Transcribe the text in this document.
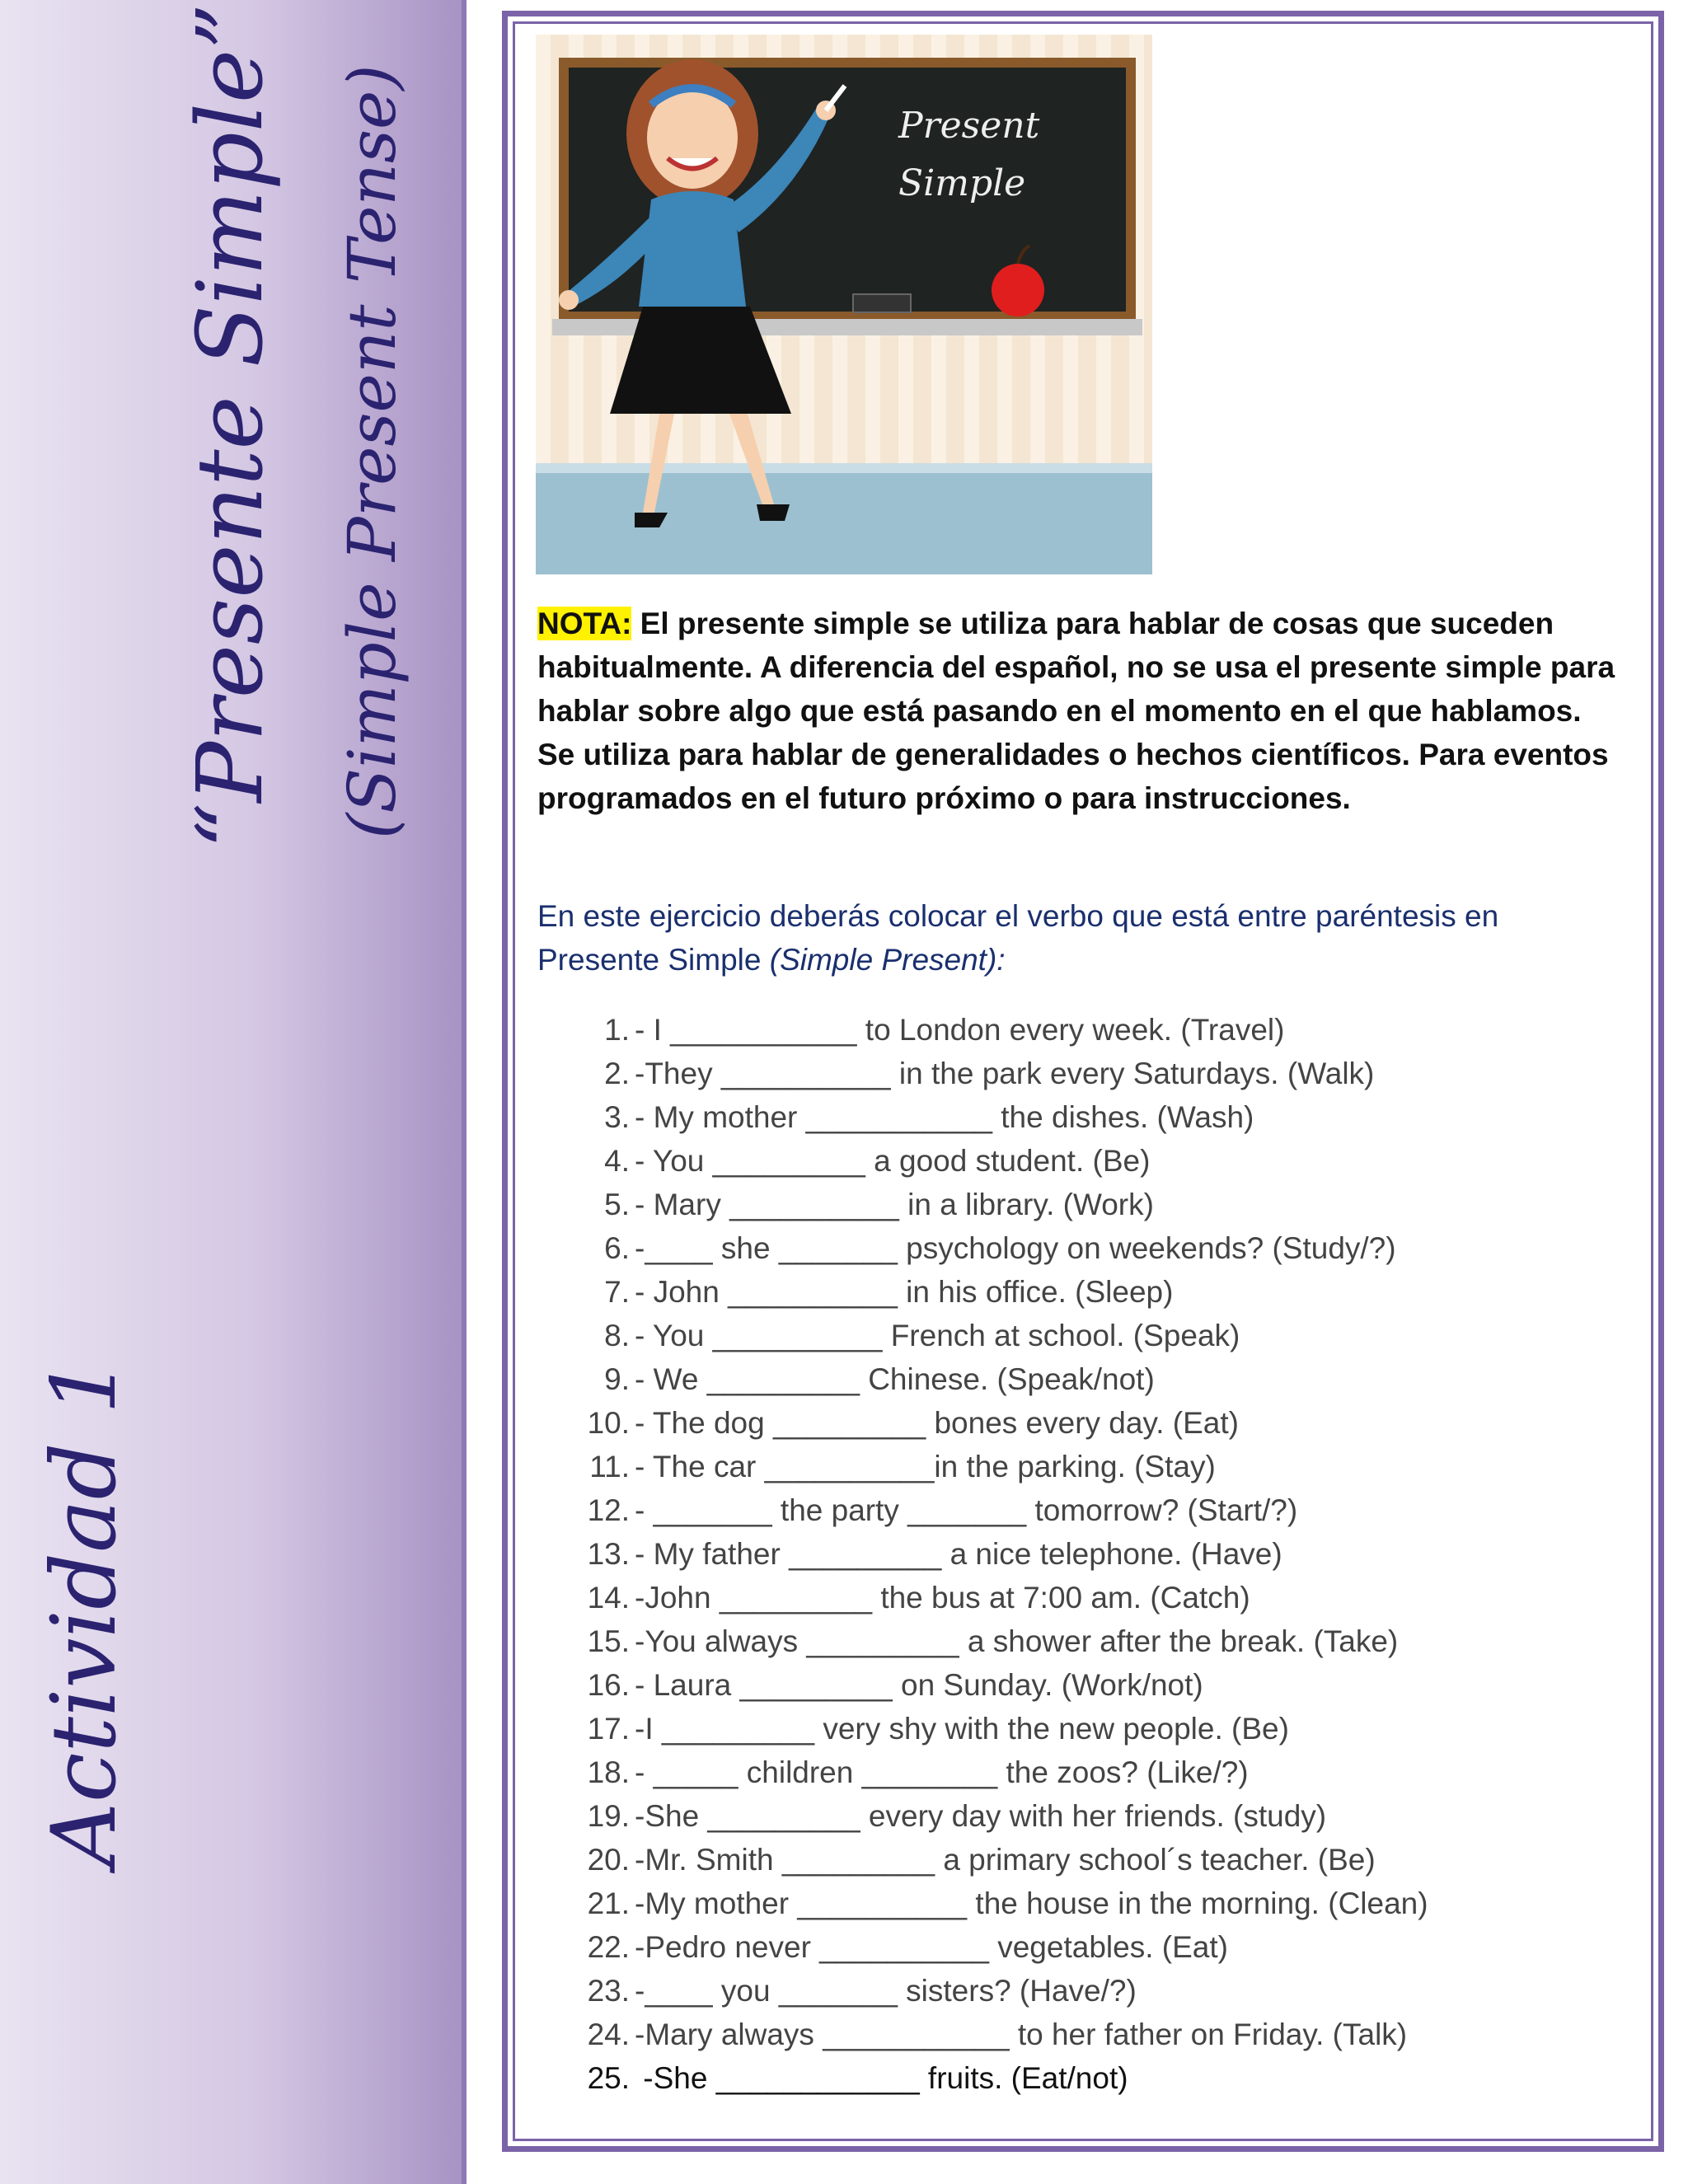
“Presente Simple” (Simple Present Tense)
Actividad 1
Present
Simple
NOTA: El presente simple se utiliza para hablar de cosas que suceden habitualmente. A diferencia del español, no se usa el presente simple para hablar sobre algo que está pasando en el momento en el que hablamos. Se utiliza para hablar de generalidades o hechos científicos. Para eventos programados en el futuro próximo o para instrucciones.
En este ejercicio deberás colocar el verbo que está entre paréntesis en Presente Simple (Simple Present):
1. - I ___________ to London every week. (Travel)
2. -They __________ in the park every Saturdays. (Walk)
3. - My mother ___________ the dishes. (Wash)
4. - You _________ a good student. (Be)
5. - Mary __________ in a library. (Work)
6. -____ she _______ psychology on weekends? (Study/?)
7. - John __________ in his office. (Sleep)
8. - You __________ French at school. (Speak)
9. - We _________ Chinese. (Speak/not)
10. - The dog _________ bones every day. (Eat)
11. - The car __________in the parking. (Stay)
12. - _______ the party _______ tomorrow? (Start/?)
13. - My father _________ a nice telephone. (Have)
14. -John _________ the bus at 7:00 am. (Catch)
15. -You always _________ a shower after the break. (Take)
16. - Laura _________ on Sunday. (Work/not)
17. -I _________ very shy with the new people. (Be)
18. - _____ children ________ the zoos? (Like/?)
19. -She _________ every day with her friends. (study)
20. -Mr. Smith _________ a primary school´s teacher. (Be)
21. -My mother __________ the house in the morning. (Clean)
22. -Pedro never __________ vegetables. (Eat)
23. -____ you _______ sisters? (Have/?)
24. -Mary always ___________ to her father on Friday. (Talk)
25. -She ____________ fruits. (Eat/not)
